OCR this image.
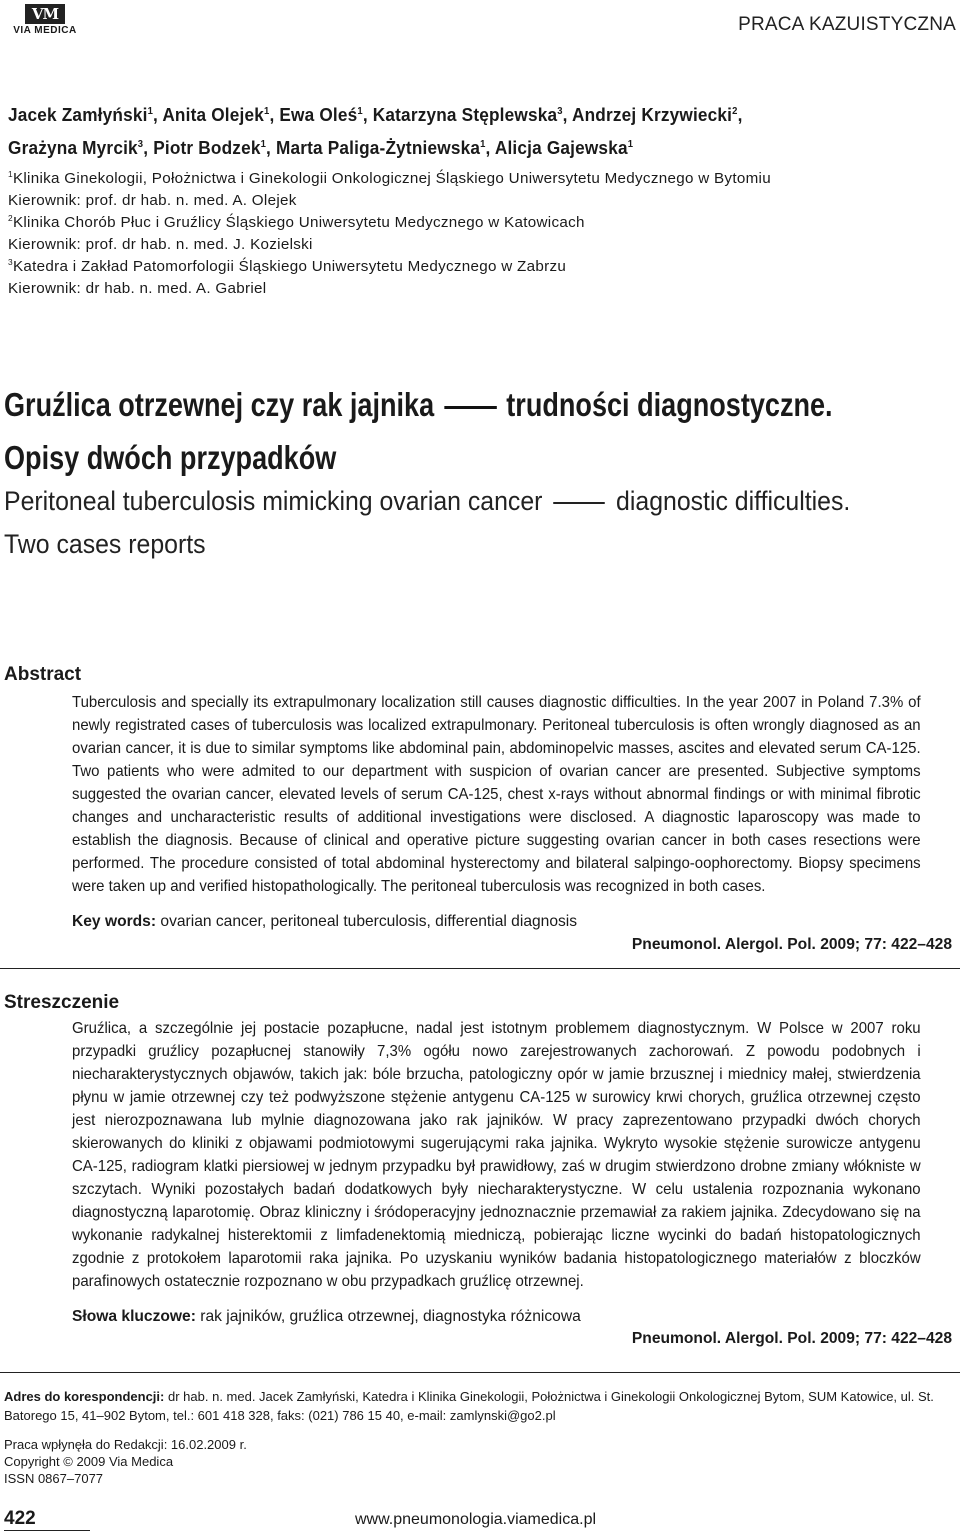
VM
VIA MEDICA	PRACA KAZUISTYCZNA
Jacek Zamłyński$^1$, Anita Olejek$^1$, Ewa Oleś$^1$, Katarzyna Stęplewska$^3$, Andrzej Krzywiecki$^2$,
Grażyna Myrcik$^3$, Piotr Bodzek$^1$, Marta Paliga-Żytniewska$^1$, Alicja Gajewska$^1$
$^1$Klinika Ginekologii, Położnictwa i Ginekologii Onkologicznej Śląskiego Uniwersytetu Medycznego w Bytomiu
Kierownik: prof. dr hab. n. med. A. Olejek
$^2$Klinika Chorób Płuc i Gruźlicy Śląskiego Uniwersytetu Medycznego w Katowicach
Kierownik: prof. dr hab. n. med. J. Kozielski
$^3$Katedra i Zakład Patomorfologii Śląskiego Uniwersytetu Medycznego w Zabrzu
Kierownik: dr hab. n. med. A. Gabriel
Gruźlica otrzewnej czy rak jajnika trudności diagnostyczne.
Opisy dwóch przypadków
Peritoneal tuberculosis mimicking ovarian cancer	diagnostic difficulties.
Two cases reports
Abstract

Tuberculosis and specially its extrapulmonary localization still causes diagnostic difficulties. In the year 2007 in Poland 7.3% of newly registrated cases of tuberculosis was localized extrapulmonary. Peritoneal tuberculosis is often wrongly diagnosed as an ovarian cancer, it is due to similar symptoms like abdominal pain, abdominopelvic masses, ascites and elevated serum CA-125. Two patients who were admited to our department with suspicion of ovarian cancer are presented. Subjective symptoms suggested the ovarian cancer, elevated levels of serum CA-125, chest x-rays without abnormal findings or with minimal fibrotic changes and uncharacteristic results of additional investigations were disclosed. A diagnostic laparoscopy was made to establish the diagnosis. Because of clinical and operative picture suggesting ovarian cancer in both cases resections were performed. The procedure consisted of total abdominal hysterectomy and bilateral salpingo-oophorectomy. Biopsy specimens were taken up and verified histopathologically. The peritoneal tuberculosis was recognized in both cases.

Key words: ovarian cancer, peritoneal tuberculosis, differential diagnosis
Pneumonol. Alergol. Pol. 2009; 77: 422–428
Streszczenie

Gruźlica, a szczególnie jej postacie pozapłucne, nadal jest istotnym problemem diagnostycznym. W Polsce w 2007 roku przypadki gruźlicy pozapłucnej stanowiły 7,3% ogółu nowo zarejestrowanych zachorowań. Z powodu podobnych i niecharakterystycznych objawów, takich jak: bóle brzucha, patologiczny opór w jamie brzusznej i miednicy małej, stwierdzenia płynu w jamie otrzewnej czy też podwyższone stężenie antygenu CA-125 w surowicy krwi chorych, gruźlica otrzewnej często jest nierozpoznawana lub mylnie diagnozowana jako rak jajników. W pracy zaprezentowano przypadki dwóch chorych skierowanych do kliniki z objawami podmiotowymi sugerującymi raka jajnika. Wykryto wysokie stężenie surowicze antygenu CA-125, radiogram klatki piersiowej w jednym przypadku był prawidłowy, zaś w drugim stwierdzono drobne zmiany włókniste w szczytach. Wyniki pozostałych badań dodatkowych były niecharakterystyczne. W celu ustalenia rozpoznania wykonano diagnostyczną laparotomię. Obraz kliniczny i śródoperacyjny jednoznacznie przemawiał za rakiem jajnika. Zdecydowano się na wykonanie radykalnej histerektomii z limfadenektomią miedniczą, pobierając liczne wycinki do badań histopatologicznych zgodnie z protokołem laparotomii raka jajnika. Po uzyskaniu wyników badania histopatologicznego materiałów z bloczków parafinowych ostatecznie rozpoznano w obu przypadkach gruźlicę otrzewnej.

Słowa kluczowe: rak jajników, gruźlica otrzewnej, diagnostyka różnicowa
Pneumonol. Alergol. Pol. 2009; 77: 422–428
Adres do korespondencji: dr hab. n. med. Jacek Zamłyński, Katedra i Klinika Ginekologii, Położnictwa i Ginekologii Onkologicznej Bytom, SUM Katowice, ul. St. Batorego 15, 41–902 Bytom, tel.: 601 418 328, faks: (021) 786 15 40, e-mail: zamlynski@go2.pl
Praca wpłynęła do Redakcji: 16.02.2009 r.
Copyright © 2009 Via Medica
ISSN 0867–7077
422	www.pneumonologia.viamedica.pl
